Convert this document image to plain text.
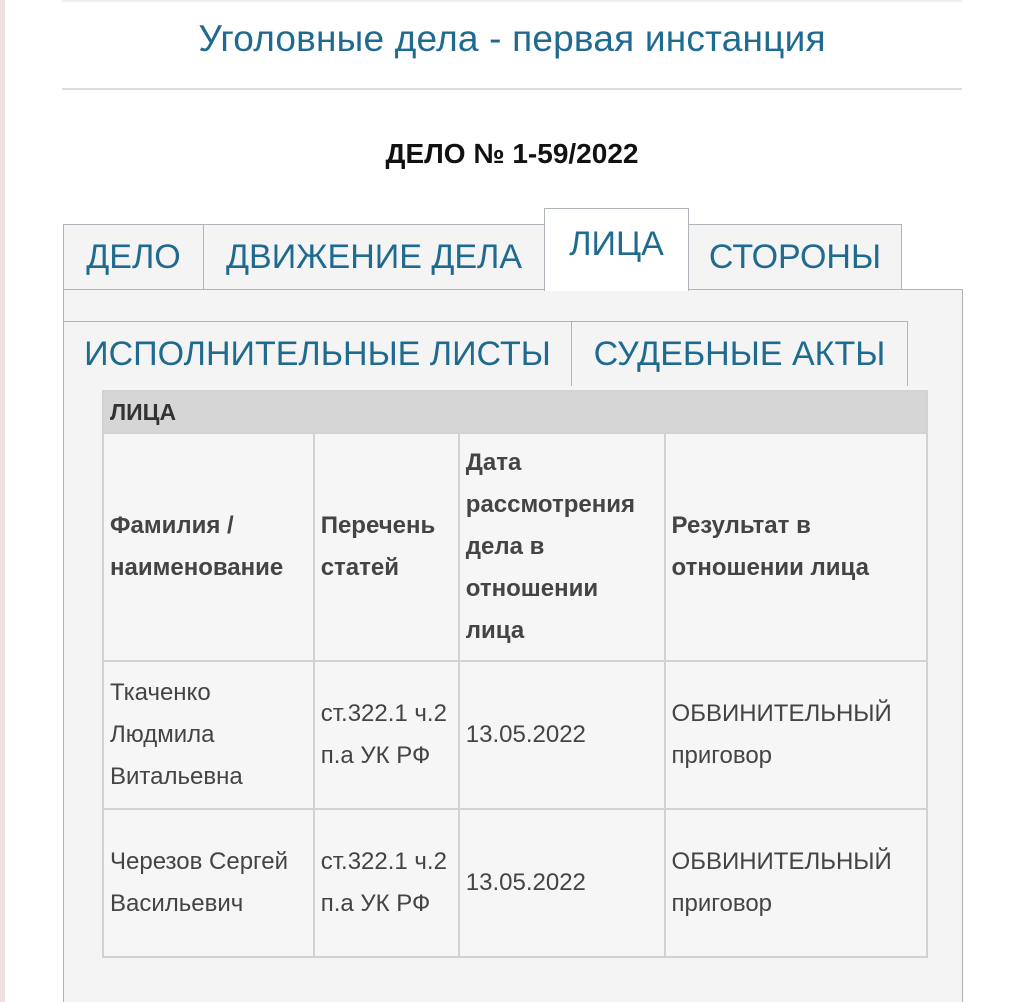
Уголовные дела - первая инстанция
ДЕЛО № 1-59/2022
ДЕЛО ДВИЖЕНИЕ ДЕЛА ЛИЦА СТОРОНЫ
ИСПОЛНИТЕЛЬНЫЕ ЛИСТЫ СУДЕБНЫЕ АКТЫ
ЛИЦА			
Фамилия / наименование	Перечень статей	Дата рассмотрения дела в отношении лица	Результат в отношении лица
Ткаченко Людмила Витальевна	ст.322.1 ч.2 п.а УК РФ	13.05.2022	ОБВИНИТЕЛЬНЫЙ приговор
Черезов Сергей Васильевич	ст.322.1 ч.2 п.а УК РФ	13.05.2022	ОБВИНИТЕЛЬНЫЙ приговор
